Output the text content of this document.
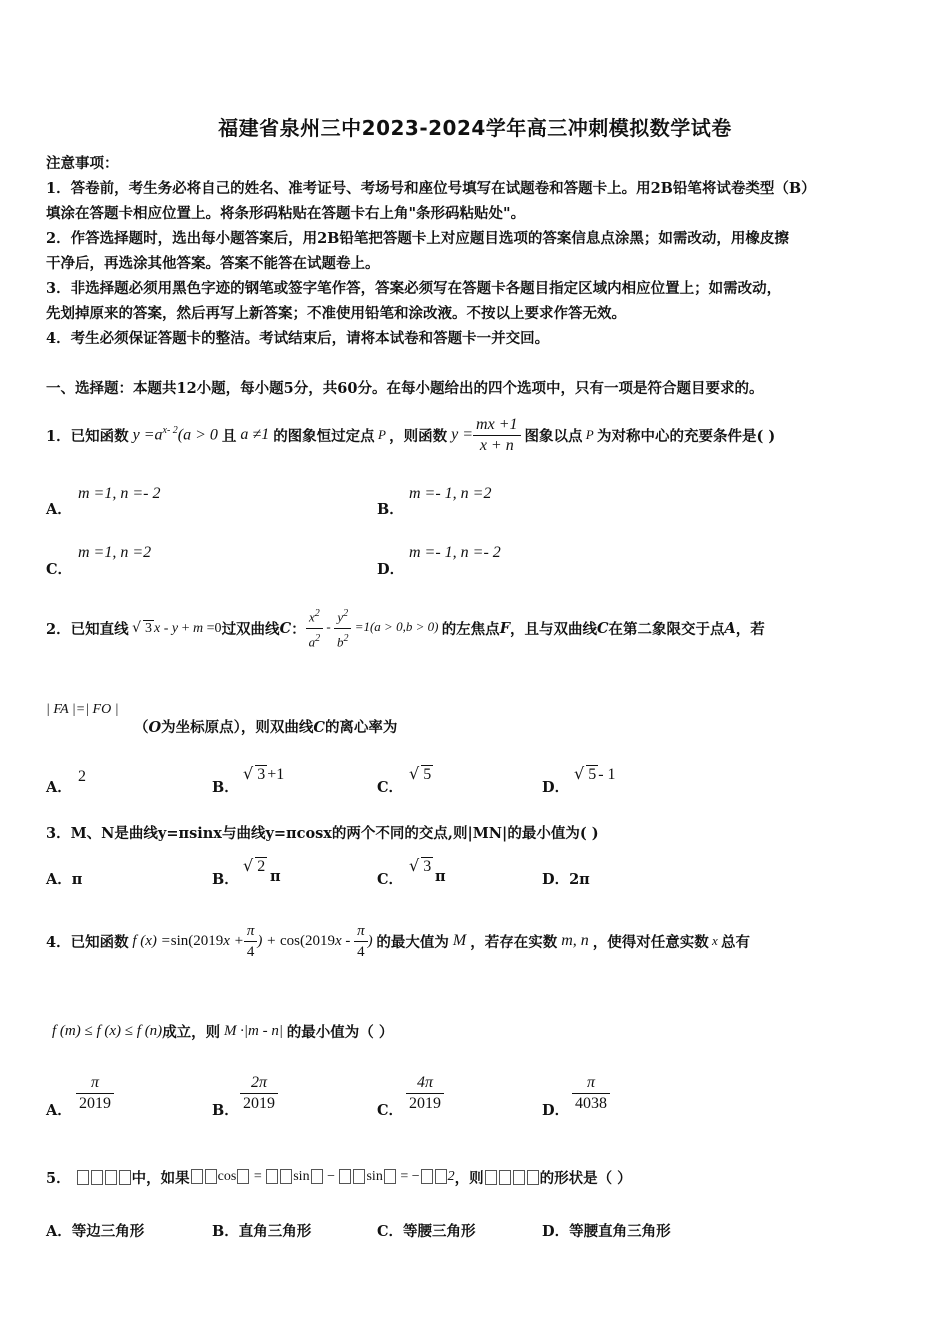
福建省泉州三中2023-2024学年高三冲刺模拟数学试卷
注意事项：
1．答卷前，考生务必将自己的姓名、准考证号、考场号和座位号填写在试题卷和答题卡上。用2B铅笔将试卷类型（B）
填涂在答题卡相应位置上。将条形码粘贴在答题卡右上角"条形码粘贴处"。
2．作答选择题时，选出每小题答案后，用2B铅笔把答题卡上对应题目选项的答案信息点涂黑；如需改动，用橡皮擦
干净后，再选涂其他答案。答案不能答在试题卷上。
3．非选择题必须用黑色字迹的钢笔或签字笔作答，答案必须写在答题卡各题目指定区域内相应位置上；如需改动，
先划掉原来的答案，然后再写上新答案；不准使用铅笔和涂改液。不按以上要求作答无效。
4．考生必须保证答题卡的整洁。考试结束后，请将本试卷和答题卡一并交回。
一、选择题：本题共12小题，每小题5分，共60分。在每小题给出的四个选项中，只有一项是符合题目要求的。
1．已知函数 $y =a^{x- 2}(a > 0$ 且 a ≠1 的图象恒过定点 P ，则函数 $y = \frac{mx +1}{x + n}$
图象以点 P 为对称中心的充要条件是( )
A．
m =1, n =- 2
B．
m =- 1, n =2
C．
m =1, n =2
D．
m =- 1, n =- 2
2．已知直线 √ 3 x - y + m =0 过双曲线 C ： $\frac{x^2}{a^2} - \frac{y^2}{b^2} =1(a > 0,b > 0)$ 的左焦点 F ，且与双曲线 C 在第二象限交于点 A ，若
| FA |=| FO |
（O为坐标原点），则双曲线C的离心率为
A．
2
B．
√ 3 +1
C．
√ 5
D．
√ 5 - 1
3．M、N是曲线y=πsinx与曲线y=πcosx的两个不同的交点,则|MN|的最小值为( )
A．π	B．
√ 2
π	C．
√ 3
π	D．2π
4．已知函数 f $(x) =\sin(2019x + \frac{\pi}{4}$ ) + $\cos(2019x - \frac{\pi}{4}$ ) 的最大值为 M ，若存在实数 m, n ，使得对任意实数 x 总有
f (m) ≤ f (x) ≤ f (n) 成立，则 M ·|m - n| 的最小值为（ ）
A． $\frac{\pi}{2019}$	B． $\frac{2\pi}{2019}$	C． $\frac{4\pi}{2019}$	D． $\frac{\pi}{4038}$
5．
	中，如果	cos = sin − sin = − 2 ，则	的形状是（ ）
A．等边三角形	B．直角三角形	C．等腰三角形	D．等腰直角三角形
